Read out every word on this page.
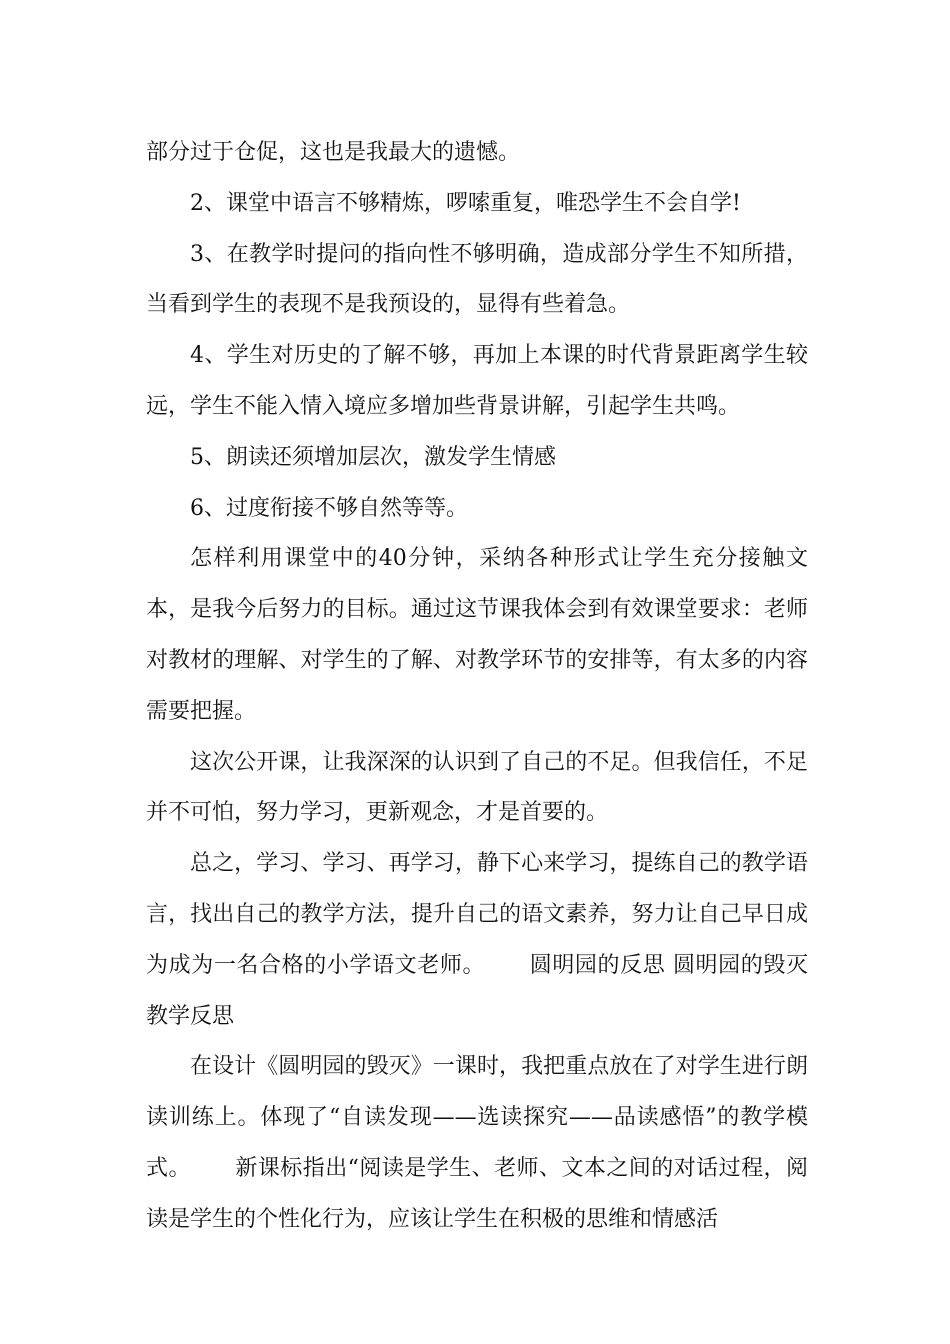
部分过于仓促，这也是我最大的遗憾。

2、课堂中语言不够精炼，啰嗦重复，唯恐学生不会自学!

3、在教学时提问的指向性不够明确，造成部分学生不知所措，当看到学生的表现不是我预设的，显得有些着急。

4、学生对历史的了解不够，再加上本课的时代背景距离学生较远，学生不能入情入境应多增加些背景讲解，引起学生共鸣。

5、朗读还须增加层次，激发学生情感

6、过度衔接不够自然等等。

怎样利用课堂中的40分钟，采纳各种形式让学生充分接触文本，是我今后努力的目标。通过这节课我体会到有效课堂要求：老师对教材的理解、对学生的了解、对教学环节的安排等，有太多的内容需要把握。

这次公开课，让我深深的认识到了自己的不足。但我信任，不足并不可怕，努力学习，更新观念，才是首要的。

总之，学习、学习、再学习，静下心来学习，提练自己的教学语言，找出自己的教学方法，提升自己的语文素养，努力让自己早日成为成为一名合格的小学语文老师。 圆明园的反思 圆明园的毁灭教学反思

在设计《圆明园的毁灭》一课时，我把重点放在了对学生进行朗读训练上。体现了“自读发现——选读探究——品读感悟”的教学模式。 新课标指出“阅读是学生、老师、文本之间的对话过程，阅读是学生的个性化行为，应该让学生在积极的思维和情感活
